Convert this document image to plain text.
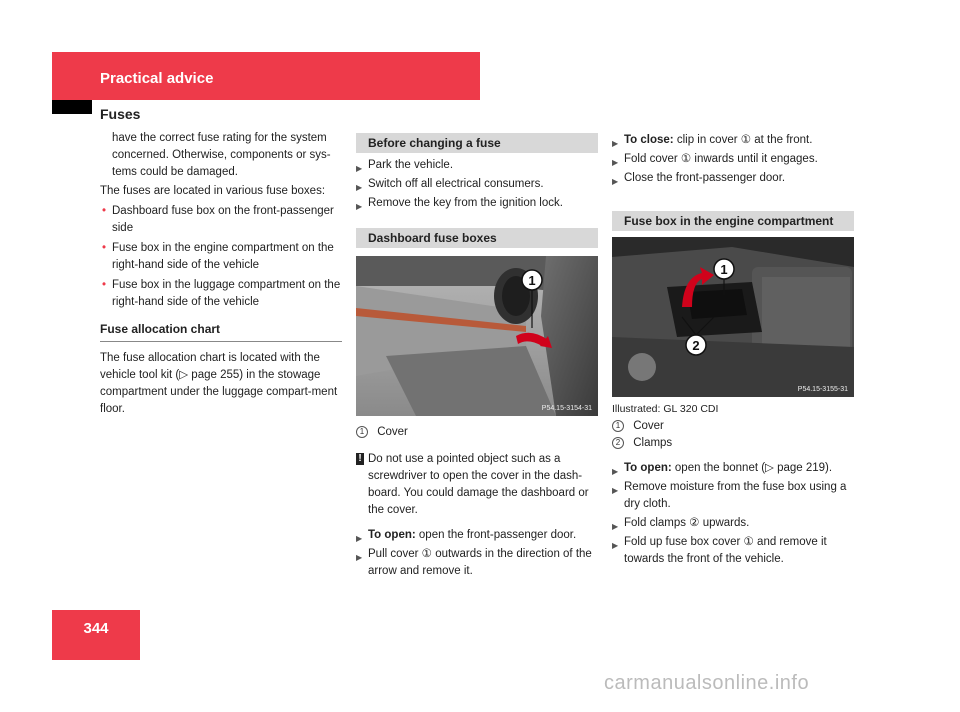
Practical advice
Fuses

have the correct fuse rating for the system concerned. Otherwise, components or sys-tems could be damaged.

The fuses are located in various fuse boxes:

• Dashboard fuse box on the front-passenger side
• Fuse box in the engine compartment on the right-hand side of the vehicle
• Fuse box in the luggage compartment on the right-hand side of the vehicle
Fuse allocation chart

The fuse allocation chart is located with the vehicle tool kit (▷ page 255) in the stowage compartment under the luggage compart-ment floor.

Before changing a fuse
▶ Park the vehicle.
▶ Switch off all electrical consumers.
▶ Remove the key from the ignition lock.
Dashboard fuse boxes
1
P54.15-3154-31
1 Cover
! Do not use a pointed object such as a screwdriver to open the cover in the dash-board. You could damage the dashboard or the cover.
▶ To open: open the front-passenger door.
▶ Pull cover ① outwards in the direction of the arrow and remove it.
▶ To close: clip in cover ① at the front.
▶ Fold cover ① inwards until it engages.
▶ Close the front-passenger door.
Fuse box in the engine compartment
1
2
P54.15-3155-31
Illustrated: GL 320 CDI
1 Cover
2 Clamps
▶ To open: open the bonnet (▷ page 219).
▶ Remove moisture from the fuse box using a dry cloth.
▶ Fold clamps ② upwards.
▶ Fold up fuse box cover ① and remove it towards the front of the vehicle.
344
carmanualsonline.info
